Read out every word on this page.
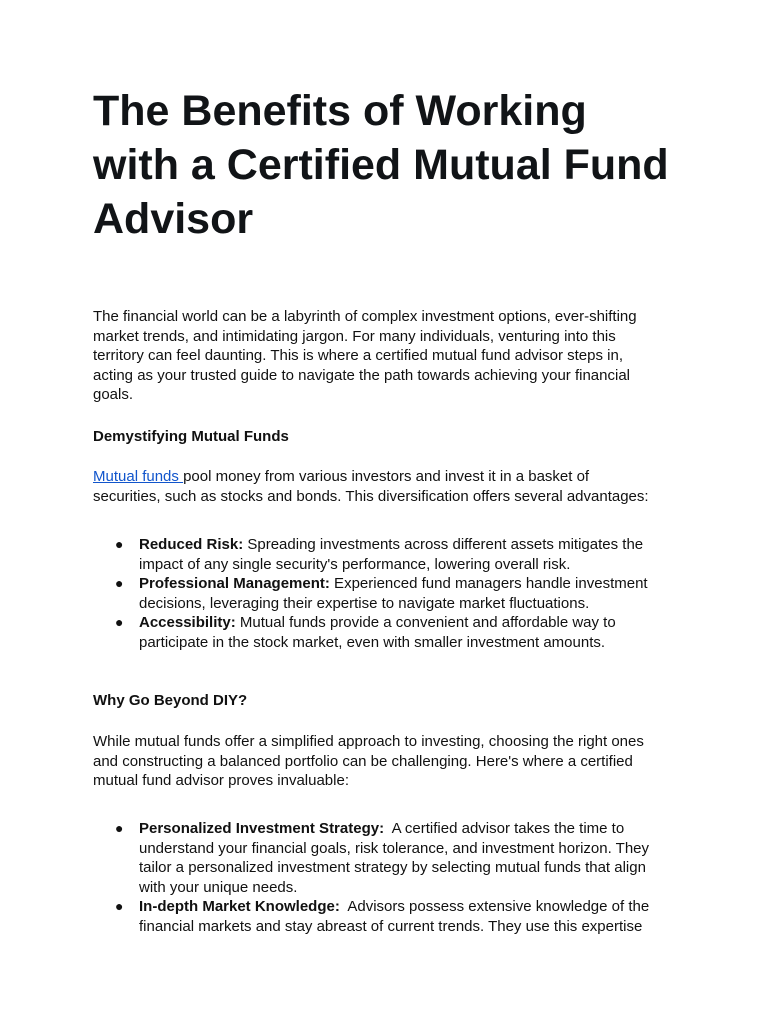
The Benefits of Working
with a Certified Mutual Fund
Advisor

The financial world can be a labyrinth of complex investment options, ever-shifting
market trends, and intimidating jargon. For many individuals, venturing into this
territory can feel daunting. This is where a certified mutual fund advisor steps in,
acting as your trusted guide to navigate the path towards achieving your financial
goals.

Demystifying Mutual Funds

Mutual funds pool money from various investors and invest it in a basket of
securities, such as stocks and bonds. This diversification offers several advantages:

● Reduced Risk: Spreading investments across different assets mitigates the
impact of any single security's performance, lowering overall risk.
● Professional Management: Experienced fund managers handle investment
decisions, leveraging their expertise to navigate market fluctuations.
● Accessibility: Mutual funds provide a convenient and affordable way to
participate in the stock market, even with smaller investment amounts.
Why Go Beyond DIY?

While mutual funds offer a simplified approach to investing, choosing the right ones
and constructing a balanced portfolio can be challenging. Here's where a certified
mutual fund advisor proves invaluable:

● Personalized Investment Strategy:  A certified advisor takes the time to
understand your financial goals, risk tolerance, and investment horizon. They
tailor a personalized investment strategy by selecting mutual funds that align
with your unique needs.
● In-depth Market Knowledge:  Advisors possess extensive knowledge of the
financial markets and stay abreast of current trends. They use this expertise
